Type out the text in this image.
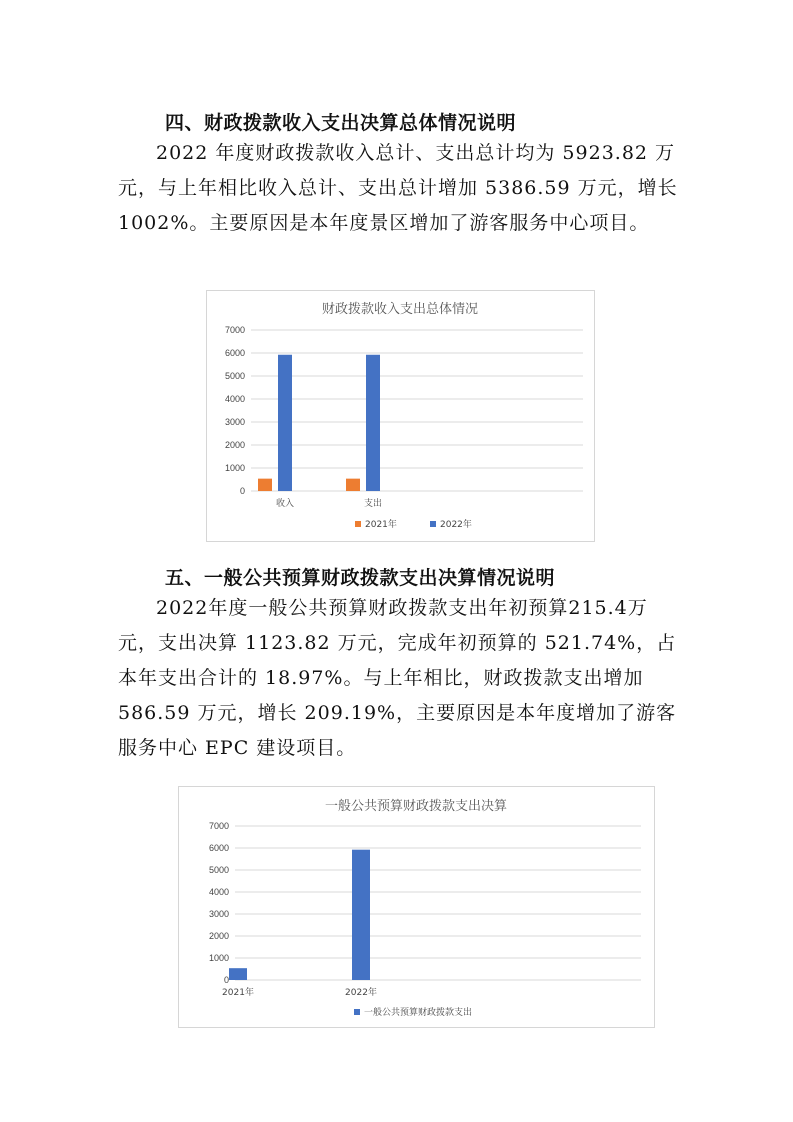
四、财政拨款收入支出决算总体情况说明
2022 年度财政拨款收入总计、支出总计均为 5923.82 万元，与上年相比收入总计、支出总计增加 5386.59 万元，增长 1002%。主要原因是本年度景区增加了游客服务中心项目。
财政拨款收入支出总体情况
0
1000
2000
3000
4000
5000
6000
7000
收入	支出
2021年	2022年
五、一般公共预算财政拨款支出决算情况说明
2022年度一般公共预算财政拨款支出年初预算215.4万元，支出决算 1123.82 万元，完成年初预算的 521.74%，占本年支出合计的 18.97%。与上年相比，财政拨款支出增加586.59 万元，增长 209.19%，主要原因是本年度增加了游客服务中心 EPC 建设项目。
一般公共预算财政拨款支出决算
0
1000
2000
3000
4000
5000
6000
7000
2021年	2022年
一般公共预算财政拨款支出
